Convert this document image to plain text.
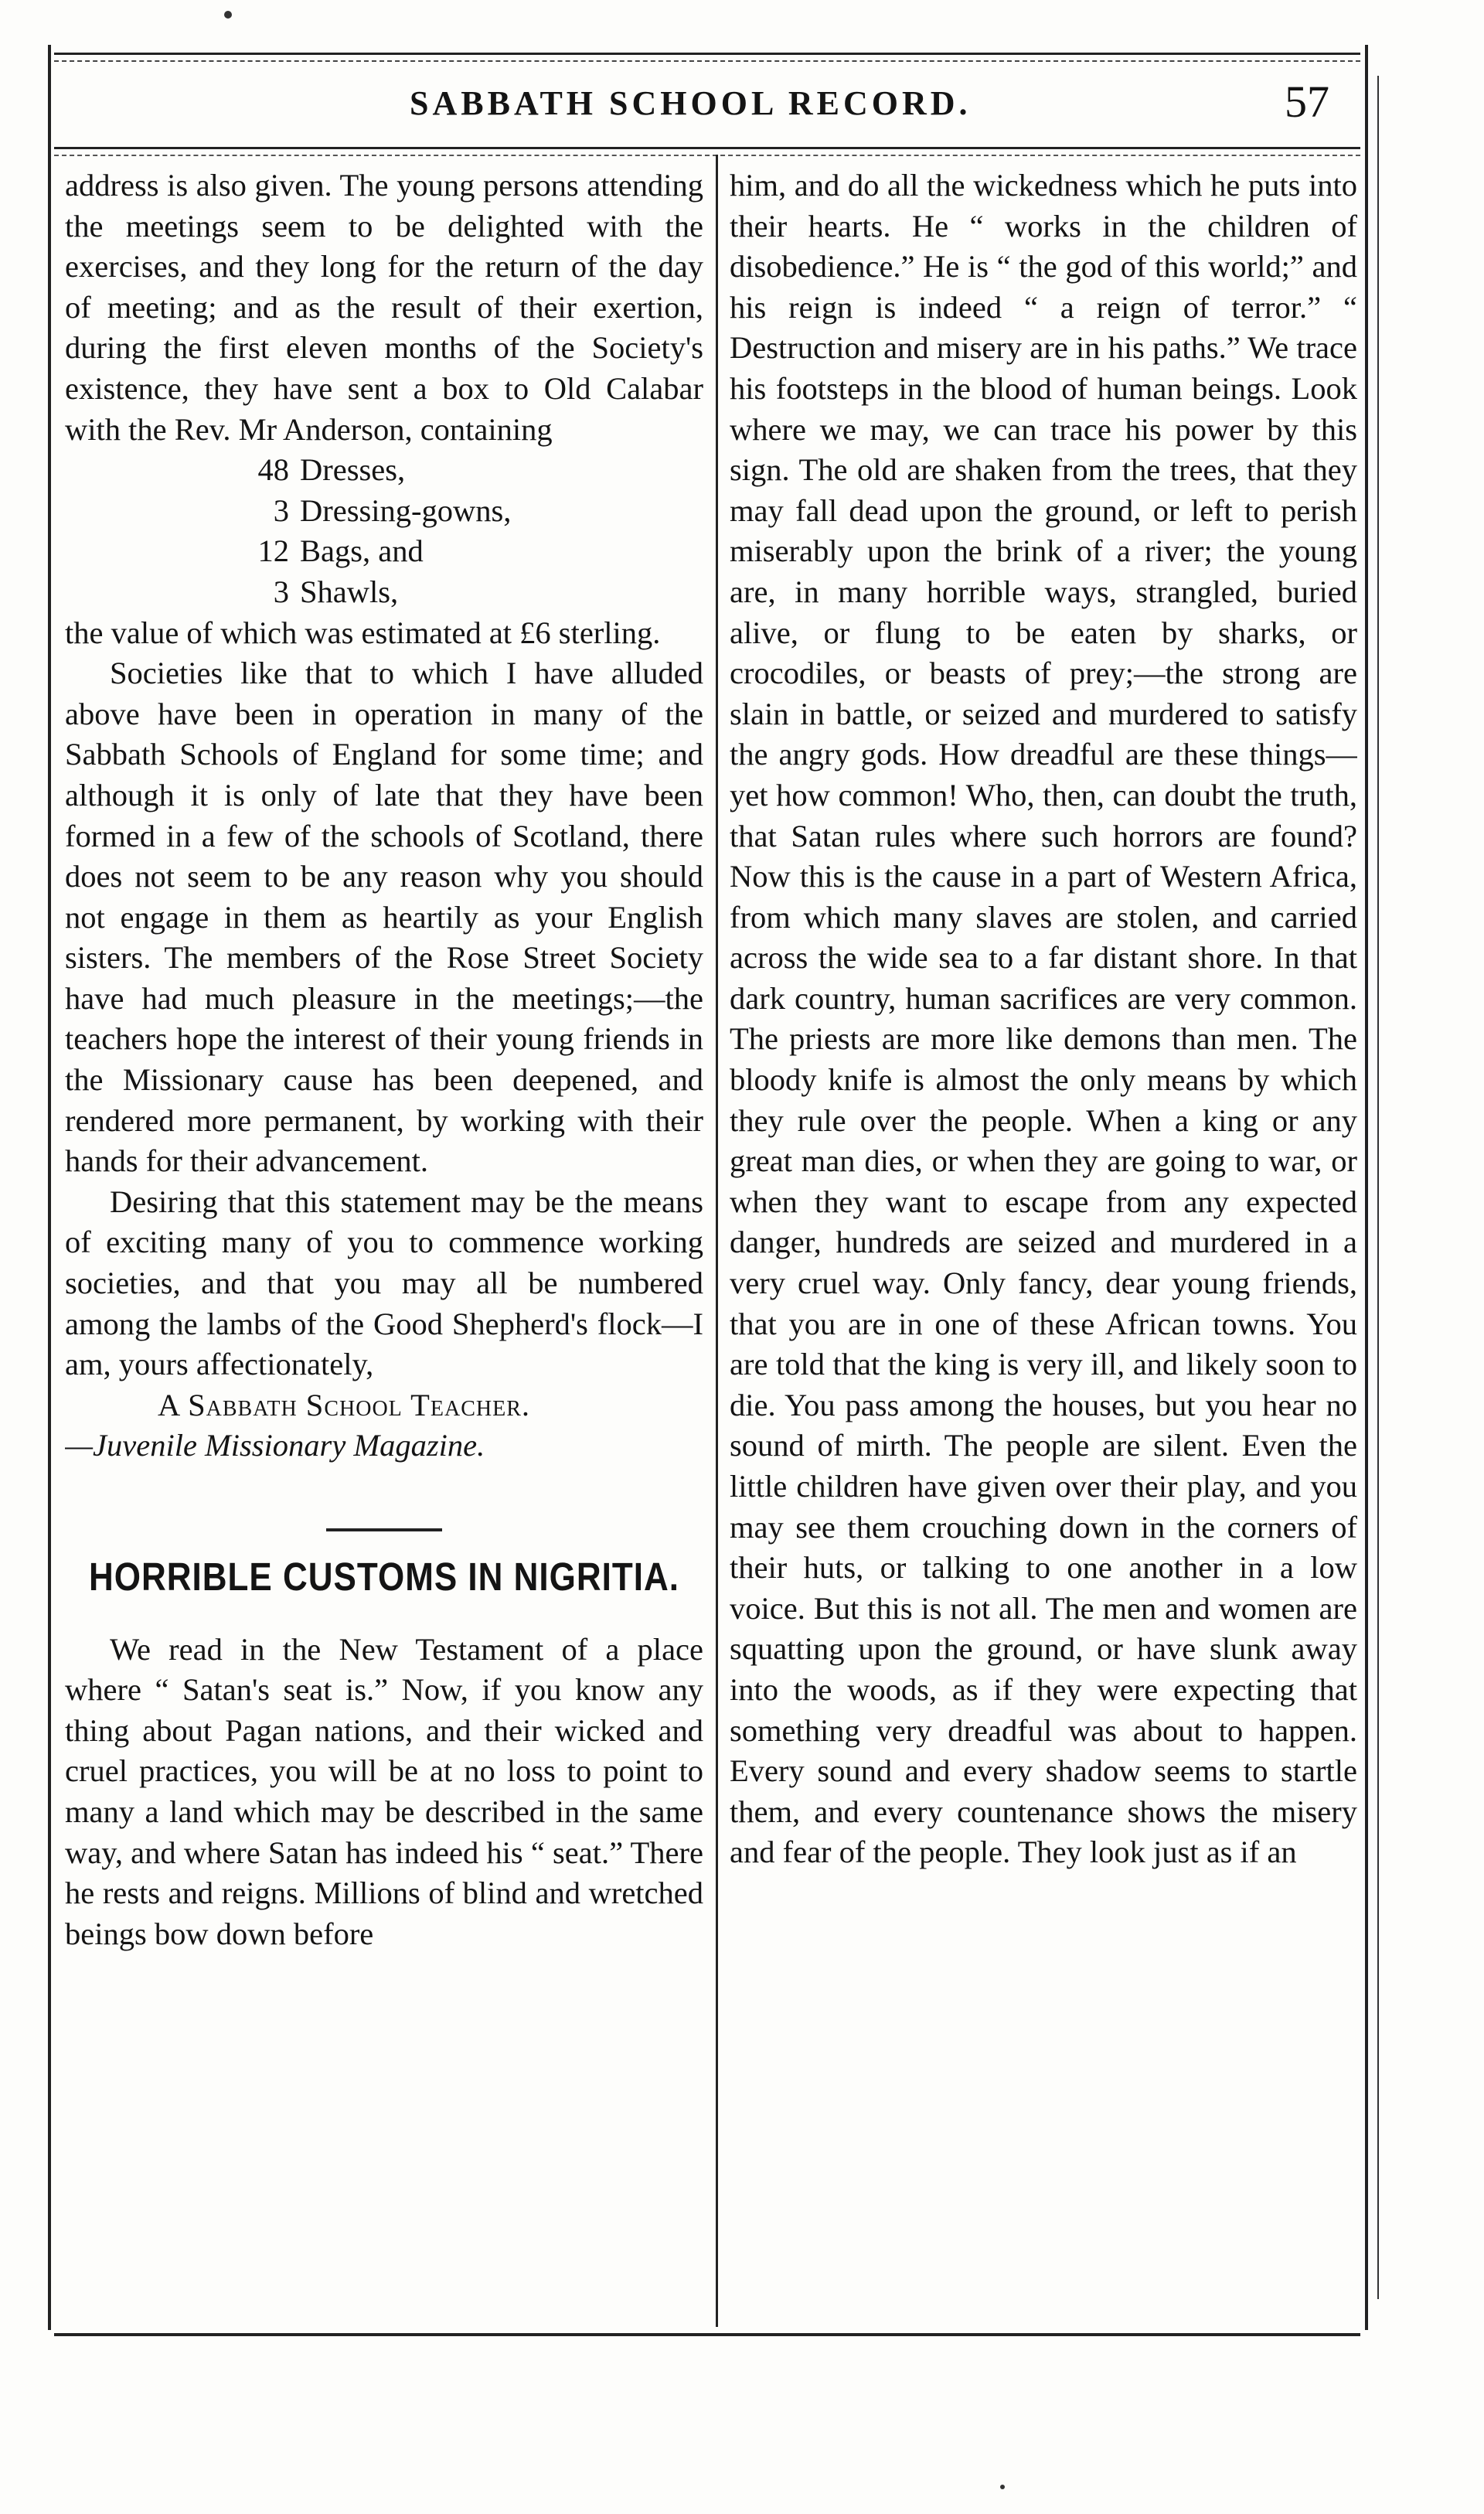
SABBATH SCHOOL RECORD.	57

address is also given. The young persons attending the meetings seem to be delighted with the exercises, and they long for the return of the day of meeting; and as the result of their exertion, during the first eleven months of the Society's existence, they have sent a box to Old Calabar with the Rev. Mr Anderson, containing

48 Dresses,
3 Dressing-gowns,
12 Bags, and
3 Shawls,

the value of which was estimated at £6 sterling.

Societies like that to which I have alluded above have been in operation in many of the Sabbath Schools of England for some time; and although it is only of late that they have been formed in a few of the schools of Scotland, there does not seem to be any reason why you should not engage in them as heartily as your English sisters. The members of the Rose Street Society have had much pleasure in the meetings;—the teachers hope the interest of their young friends in the Missionary cause has been deepened, and rendered more permanent, by working with their hands for their advancement.

Desiring that this statement may be the means of exciting many of you to commence working societies, and that you may all be numbered among the lambs of the Good Shepherd's flock—I am, yours affectionately,

A Sabbath School Teacher.

—Juvenile Missionary Magazine.

HORRIBLE CUSTOMS IN NIGRITIA.

We read in the New Testament of a place where “ Satan's seat is.” Now, if you know any thing about Pagan nations, and their wicked and cruel practices, you will be at no loss to point to many a land which may be described in the same way, and where Satan has indeed his “ seat.” There he rests and reigns. Millions of blind and wretched beings bow down before

him, and do all the wickedness which he puts into their hearts. He “ works in the children of disobedience.” He is “ the god of this world;” and his reign is indeed “ a reign of terror.” “ Destruction and misery are in his paths.” We trace his footsteps in the blood of human beings. Look where we may, we can trace his power by this sign. The old are shaken from the trees, that they may fall dead upon the ground, or left to perish miserably upon the brink of a river; the young are, in many horrible ways, strangled, buried alive, or flung to be eaten by sharks, or crocodiles, or beasts of prey;—the strong are slain in battle, or seized and murdered to satisfy the angry gods. How dreadful are these things—yet how common! Who, then, can doubt the truth, that Satan rules where such horrors are found? Now this is the cause in a part of Western Africa, from which many slaves are stolen, and carried across the wide sea to a far distant shore. In that dark country, human sacrifices are very common. The priests are more like demons than men. The bloody knife is almost the only means by which they rule over the people. When a king or any great man dies, or when they are going to war, or when they want to escape from any expected danger, hundreds are seized and murdered in a very cruel way. Only fancy, dear young friends, that you are in one of these African towns. You are told that the king is very ill, and likely soon to die. You pass among the houses, but you hear no sound of mirth. The people are silent. Even the little children have given over their play, and you may see them crouching down in the corners of their huts, or talking to one another in a low voice. But this is not all. The men and women are squatting upon the ground, or have slunk away into the woods, as if they were expecting that something very dreadful was about to happen. Every sound and every shadow seems to startle them, and every countenance shows the misery and fear of the people. They look just as if an
